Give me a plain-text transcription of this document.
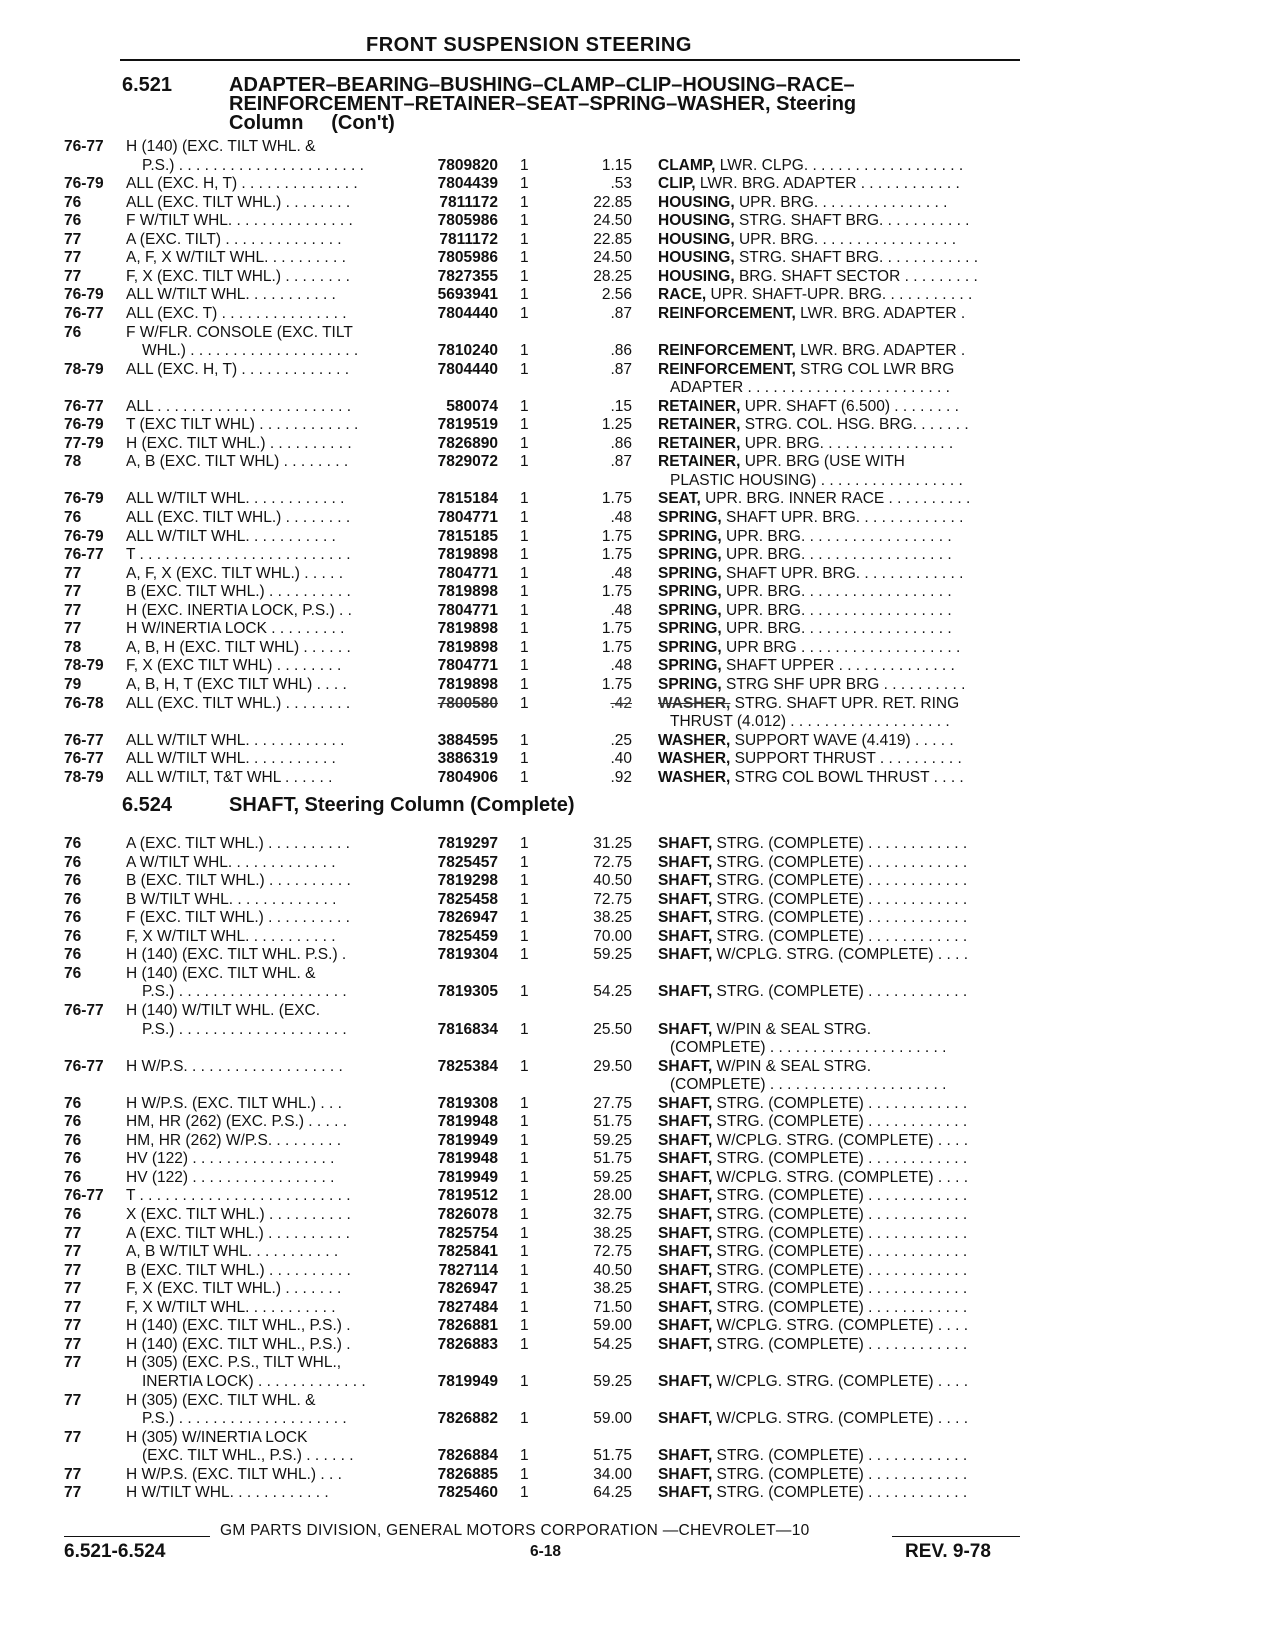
FRONT SUSPENSION STEERING
6.521	ADAPTER–BEARING–BUSHING–CLAMP–CLIP–HOUSING–RACE–
REINFORCEMENT–RETAINER–SEAT–SPRING–WASHER, Steering
Column     (Con't)
76-77 H (140) (EXC. TILT WHL. &
P.S.) . . . . . . . . . . . . . . . . . . . . . .	7809820 1	1.15 CLAMP, LWR. CLPG. . . . . . . . . . . . . . . . . . .
76-79 ALL (EXC. H, T) . . . . . . . . . . . . . .	7804439 1	.53 CLIP, LWR. BRG. ADAPTER . . . . . . . . . . . .
76	ALL (EXC. TILT WHL.) . . . . . . . .	7811172 1	22.85 HOUSING, UPR. BRG. . . . . . . . . . . . . . . .
76	F W/TILT WHL. . . . . . . . . . . . . . .	7805986 1	24.50 HOUSING, STRG. SHAFT BRG. . . . . . . . . . .
77	A (EXC. TILT) . . . . . . . . . . . . . .	7811172 1	22.85 HOUSING, UPR. BRG. . . . . . . . . . . . . . . . .
77	A, F, X W/TILT WHL. . . . . . . . . .	7805986 1	24.50 HOUSING, STRG. SHAFT BRG. . . . . . . . . . . .
77	F, X (EXC. TILT WHL.) . . . . . . . .	7827355 1	28.25 HOUSING, BRG. SHAFT SECTOR . . . . . . . . .
76-79 ALL W/TILT WHL. . . . . . . . . . .	5693941 1	2.56 RACE, UPR. SHAFT-UPR. BRG. . . . . . . . . . .
76-77 ALL (EXC. T) . . . . . . . . . . . . . . .	7804440 1	.87 REINFORCEMENT, LWR. BRG. ADAPTER .
76	F W/FLR. CONSOLE (EXC. TILT
WHL.) . . . . . . . . . . . . . . . . . . . .	7810240 1	.86 REINFORCEMENT, LWR. BRG. ADAPTER .
78-79 ALL (EXC. H, T) . . . . . . . . . . . . .	7804440 1	.87 REINFORCEMENT, STRG COL LWR BRG
ADAPTER . . . . . . . . . . . . . . . . . . . . . . . .
76-77 ALL . . . . . . . . . . . . . . . . . . . . . . .	580074 1	.15 RETAINER, UPR. SHAFT (6.500) . . . . . . . .
76-79 T (EXC TILT WHL) . . . . . . . . . . . .	7819519 1	1.25 RETAINER, STRG. COL. HSG. BRG. . . . . . .
77-79 H (EXC. TILT WHL.) . . . . . . . . . .	7826890 1	.86 RETAINER, UPR. BRG. . . . . . . . . . . . . . . .
78	A, B (EXC. TILT WHL) . . . . . . . .	7829072 1	.87 RETAINER, UPR. BRG (USE WITH
PLASTIC HOUSING) . . . . . . . . . . . . . . . . .
76-79 ALL W/TILT WHL. . . . . . . . . . . .	7815184 1	1.75 SEAT, UPR. BRG. INNER RACE . . . . . . . . . .
76	ALL (EXC. TILT WHL.) . . . . . . . .	7804771 1	.48 SPRING, SHAFT UPR. BRG. . . . . . . . . . . . .
76-79 ALL W/TILT WHL. . . . . . . . . . .	7815185 1	1.75 SPRING, UPR. BRG. . . . . . . . . . . . . . . . . .
76-77 T . . . . . . . . . . . . . . . . . . . . . . . . .	7819898 1	1.75 SPRING, UPR. BRG. . . . . . . . . . . . . . . . . .
77	A, F, X (EXC. TILT WHL.) . . . . .	7804771 1	.48 SPRING, SHAFT UPR. BRG. . . . . . . . . . . . .
77	B (EXC. TILT WHL.) . . . . . . . . . .	7819898 1	1.75 SPRING, UPR. BRG. . . . . . . . . . . . . . . . . .
77	H (EXC. INERTIA LOCK, P.S.) . .	7804771 1	.48 SPRING, UPR. BRG. . . . . . . . . . . . . . . . . .
77	H W/INERTIA LOCK . . . . . . . . .	7819898 1	1.75 SPRING, UPR. BRG. . . . . . . . . . . . . . . . . .
78	A, B, H (EXC. TILT WHL) . . . . . .	7819898 1	1.75 SPRING, UPR BRG . . . . . . . . . . . . . . . . . . .
78-79 F, X (EXC TILT WHL) . . . . . . . .	7804771 1	.48 SPRING, SHAFT UPPER . . . . . . . . . . . . . .
79	A, B, H, T (EXC TILT WHL) . . . .	7819898 1	1.75 SPRING, STRG SHF UPR BRG . . . . . . . . . .
76-78 ALL (EXC. TILT WHL.) . . . . . . . .	7800580 1	.42 WASHER, STRG. SHAFT UPR. RET. RING
THRUST (4.012) . . . . . . . . . . . . . . . . . . .
76-77 ALL W/TILT WHL. . . . . . . . . . . .	3884595 1	.25 WASHER, SUPPORT WAVE (4.419) . . . . .
76-77 ALL W/TILT WHL. . . . . . . . . . .	3886319 1	.40 WASHER, SUPPORT THRUST . . . . . . . . . .
78-79 ALL W/TILT, T&T WHL . . . . . .	7804906 1	.92 WASHER, STRG COL BOWL THRUST . . . .
6.524	SHAFT, Steering Column (Complete)
76	A (EXC. TILT WHL.) . . . . . . . . . .	7819297 1	31.25 SHAFT, STRG. (COMPLETE) . . . . . . . . . . . .
76	A W/TILT WHL. . . . . . . . . . . . .	7825457 1	72.75 SHAFT, STRG. (COMPLETE) . . . . . . . . . . . .
76	B (EXC. TILT WHL.) . . . . . . . . . .	7819298 1	40.50 SHAFT, STRG. (COMPLETE) . . . . . . . . . . . .
76	B W/TILT WHL. . . . . . . . . . . . .	7825458 1	72.75 SHAFT, STRG. (COMPLETE) . . . . . . . . . . . .
76	F (EXC. TILT WHL.) . . . . . . . . . .	7826947 1	38.25 SHAFT, STRG. (COMPLETE) . . . . . . . . . . . .
76	F, X W/TILT WHL. . . . . . . . . . .	7825459 1	70.00 SHAFT, STRG. (COMPLETE) . . . . . . . . . . . .
76	H (140) (EXC. TILT WHL. P.S.) .	7819304 1	59.25 SHAFT, W/CPLG. STRG. (COMPLETE) . . . .
76	H (140) (EXC. TILT WHL. &
P.S.) . . . . . . . . . . . . . . . . . . . .	7819305 1	54.25 SHAFT, STRG. (COMPLETE) . . . . . . . . . . . .
76-77 H (140) W/TILT WHL. (EXC.
P.S.) . . . . . . . . . . . . . . . . . . . .	7816834 1	25.50 SHAFT, W/PIN & SEAL STRG.
(COMPLETE) . . . . . . . . . . . . . . . . . . . . .
76-77 H W/P.S. . . . . . . . . . . . . . . . . . .	7825384 1	29.50 SHAFT, W/PIN & SEAL STRG.
(COMPLETE) . . . . . . . . . . . . . . . . . . . . .
76	H W/P.S. (EXC. TILT WHL.) . . .	7819308 1	27.75 SHAFT, STRG. (COMPLETE) . . . . . . . . . . . .
76	HM, HR (262) (EXC. P.S.) . . . . .	7819948 1	51.75 SHAFT, STRG. (COMPLETE) . . . . . . . . . . . .
76	HM, HR (262) W/P.S. . . . . . . . .	7819949 1	59.25 SHAFT, W/CPLG. STRG. (COMPLETE) . . . .
76	HV (122) . . . . . . . . . . . . . . . . .	7819948 1	51.75 SHAFT, STRG. (COMPLETE) . . . . . . . . . . . .
76	HV (122) . . . . . . . . . . . . . . . . .	7819949 1	59.25 SHAFT, W/CPLG. STRG. (COMPLETE) . . . .
76-77 T . . . . . . . . . . . . . . . . . . . . . . . . .	7819512 1	28.00 SHAFT, STRG. (COMPLETE) . . . . . . . . . . . .
76	X (EXC. TILT WHL.) . . . . . . . . . .	7826078 1	32.75 SHAFT, STRG. (COMPLETE) . . . . . . . . . . . .
77	A (EXC. TILT WHL.) . . . . . . . . . .	7825754 1	38.25 SHAFT, STRG. (COMPLETE) . . . . . . . . . . . .
77	A, B W/TILT WHL. . . . . . . . . . .	7825841 1	72.75 SHAFT, STRG. (COMPLETE) . . . . . . . . . . . .
77	B (EXC. TILT WHL.) . . . . . . . . . .	7827114 1	40.50 SHAFT, STRG. (COMPLETE) . . . . . . . . . . . .
77	F, X (EXC. TILT WHL.) . . . . . . .	7826947 1	38.25 SHAFT, STRG. (COMPLETE) . . . . . . . . . . . .
77	F, X W/TILT WHL. . . . . . . . . . .	7827484 1	71.50 SHAFT, STRG. (COMPLETE) . . . . . . . . . . . .
77	H (140) (EXC. TILT WHL., P.S.) .	7826881 1	59.00 SHAFT, W/CPLG. STRG. (COMPLETE) . . . .
77	H (140) (EXC. TILT WHL., P.S.) .	7826883 1	54.25 SHAFT, STRG. (COMPLETE) . . . . . . . . . . . .
77	H (305) (EXC. P.S., TILT WHL.,
INERTIA LOCK) . . . . . . . . . . . . .	7819949 1	59.25 SHAFT, W/CPLG. STRG. (COMPLETE) . . . .
77	H (305) (EXC. TILT WHL. &
P.S.) . . . . . . . . . . . . . . . . . . . .	7826882 1	59.00 SHAFT, W/CPLG. STRG. (COMPLETE) . . . .
77	H (305) W/INERTIA LOCK
(EXC. TILT WHL., P.S.) . . . . . .	7826884 1	51.75 SHAFT, STRG. (COMPLETE) . . . . . . . . . . . .
77	H W/P.S. (EXC. TILT WHL.) . . .	7826885 1	34.00 SHAFT, STRG. (COMPLETE) . . . . . . . . . . . .
77	H W/TILT WHL. . . . . . . . . . . .	7825460 1	64.25 SHAFT, STRG. (COMPLETE) . . . . . . . . . . . .
GM PARTS DIVISION, GENERAL MOTORS CORPORATION —CHEVROLET—10
6.521-6.524	6-18	REV. 9-78
